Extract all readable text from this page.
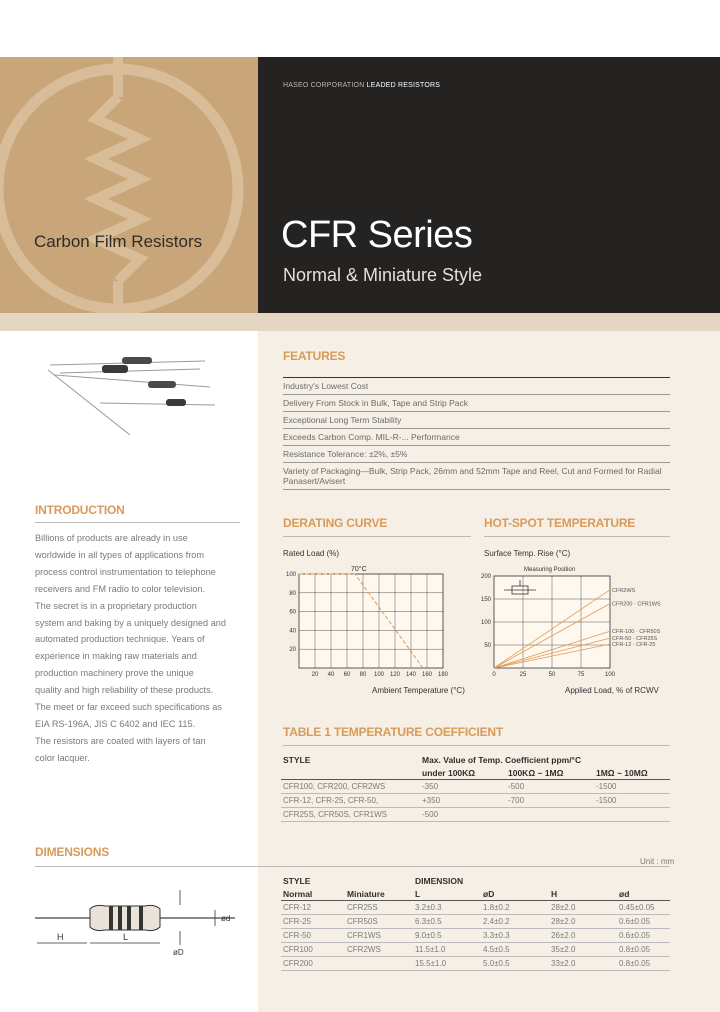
Carbon Film Resistors
HASEO CORPORATION LEADED RESISTORS
CFR Series
Normal & Miniature Style
FEATURES
Industry's Lowest Cost
Delivery From Stock in Bulk, Tape and Strip Pack
Exceptional Long Term Stability
Exceeds Carbon Comp. MIL-R-... Performance
Resistance Tolerance: ±2%, ±5%
Variety of Packaging—Bulk, Strip Pack, 26mm and 52mm Tape and Reel, Cut and Formed for Radial Panasert/Avisert
INTRODUCTION
Billions of products are already in use
worldwide in all types of applications from
process control instrumentation to telephone
receivers and FM radio to color television.
The secret is in a proprietary production
system and baking by a uniquely designed and
automated production technique. Years of
experience in making raw materials and
production machinery prove the unique
quality and high reliability of these products.
The meet or far exceed such specifications as
EIA RS-196A, JIS C 6402 and IEC 115.
The resistors are coated with layers of tan
color lacquer.
DERATING CURVE
Rated Load (%)
Ambient Temperature (°C)
100
80
60
40
20
20 40 60 80 100 120 140 160 180
70°C
HOT-SPOT TEMPERATURE
Surface Temp. Rise (°C)
Applied Load, % of RCWV
200
150
100
50
0	25	50	75	100
CFR2WS
CFR200 · CFR1WS
CFR-100 · CFR50S
CFR-50 · CFR25S
CFR-12 · CFR-25
Measuring Position
TABLE 1 TEMPERATURE COEFFICIENT
STYLE	Max. Value of Temp. Coefficient ppm/°C		
	under 100KΩ	100KΩ ~ 1MΩ	1MΩ ~ 10MΩ
CFR100, CFR200, CFR2WS	-350	-500	-1500
CFR-12, CFR-25, CFR-50,	+350	-700	-1500
CFR25S, CFR50S, CFR1WS	-500		
DIMENSIONS
Unit : mm
H	L
øD
ød
STYLE		DIMENSION			
Normal	Miniature	L	øD	H	ød
CFR-12	CFR25S	3.2±0.3	1.8±0.2	28±2.0	0.45±0.05
CFR-25	CFR50S	6.3±0.5	2.4±0.2	28±2.0	0.6±0.05
CFR-50	CFR1WS	9.0±0.5	3.3±0.3	26±2.0	0.6±0.05
CFR100	CFR2WS	11.5±1.0	4.5±0.5	35±2.0	0.8±0.05
CFR200		15.5±1.0	5.0±0.5	33±2.0	0.8±0.05
